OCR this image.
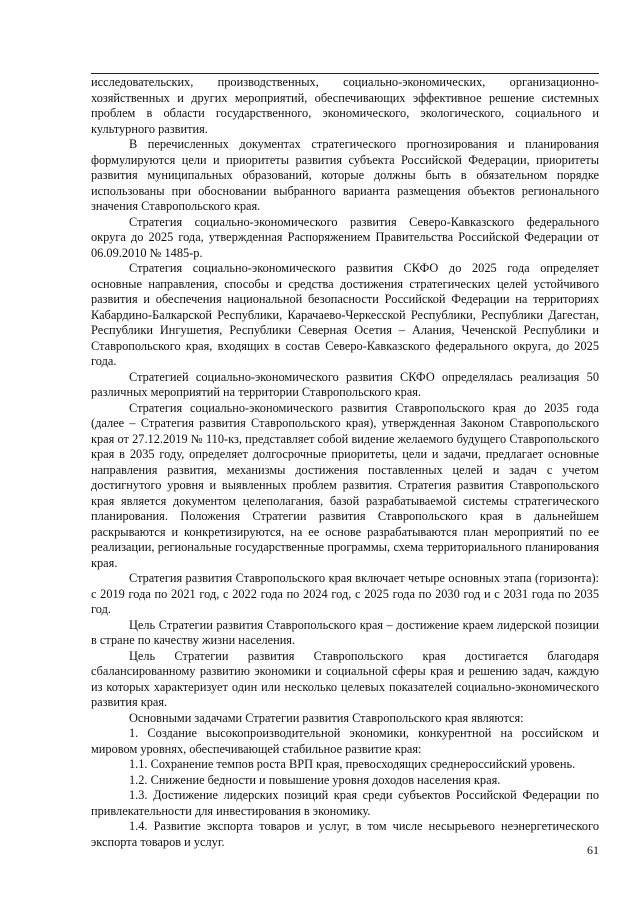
исследовательских, производственных, социально-экономических, организационно-хозяйственных и других мероприятий, обеспечивающих эффективное решение системных проблем в области государственного, экономического, экологического, социального и культурного развития.

В перечисленных документах стратегического прогнозирования и планирования формулируются цели и приоритеты развития субъекта Российской Федерации, приоритеты развития муниципальных образований, которые должны быть в обязательном порядке использованы при обосновании выбранного варианта размещения объектов регионального значения Ставропольского края.

Стратегия социально-экономического развития Северо-Кавказского федерального округа до 2025 года, утвержденная Распоряжением Правительства Российской Федерации от 06.09.2010 № 1485-р.

Стратегия социально-экономического развития СКФО до 2025 года определяет основные направления, способы и средства достижения стратегических целей устойчивого развития и обеспечения национальной безопасности Российской Федерации на территориях Кабардино-Балкарской Республики, Карачаево-Черкесской Республики, Республики Дагестан, Республики Ингушетия, Республики Северная Осетия – Алания, Чеченской Республики и Ставропольского края, входящих в состав Северо-Кавказского федерального округа, до 2025 года.

Стратегией социально-экономического развития СКФО определялась реализация 50 различных мероприятий на территории Ставропольского края.

Стратегия социально-экономического развития Ставропольского края до 2035 года (далее – Стратегия развития Ставропольского края), утвержденная Законом Ставропольского края от 27.12.2019 № 110-кз, представляет собой видение желаемого будущего Ставропольского края в 2035 году, определяет долгосрочные приоритеты, цели и задачи, предлагает основные направления развития, механизмы достижения поставленных целей и задач с учетом достигнутого уровня и выявленных проблем развития. Стратегия развития Ставропольского края является документом целеполагания, базой разрабатываемой системы стратегического планирования. Положения Стратегии развития Ставропольского края в дальнейшем раскрываются и конкретизируются, на ее основе разрабатываются план мероприятий по ее реализации, региональные государственные программы, схема территориального планирования края.

Стратегия развития Ставропольского края включает четыре основных этапа (горизонта): с 2019 года по 2021 год, с 2022 года по 2024 год, с 2025 года по 2030 год и с 2031 года по 2035 год.

Цель Стратегии развития Ставропольского края – достижение краем лидерской позиции в стране по качеству жизни населения.

Цель Стратегии развития Ставропольского края достигается благодаря сбалансированному развитию экономики и социальной сферы края и решению задач, каждую из которых характеризует один или несколько целевых показателей социально-экономического развития края.

Основными задачами Стратегии развития Ставропольского края являются:

1. Создание высокопроизводительной экономики, конкурентной на российском и мировом уровнях, обеспечивающей стабильное развитие края:

1.1. Сохранение темпов роста ВРП края, превосходящих среднероссийский уровень.

1.2. Снижение бедности и повышение уровня доходов населения края.

1.3. Достижение лидерских позиций края среди субъектов Российской Федерации по привлекательности для инвестирования в экономику.

1.4. Развитие экспорта товаров и услуг, в том числе несырьевого неэнергетического экспорта товаров и услуг.

61
